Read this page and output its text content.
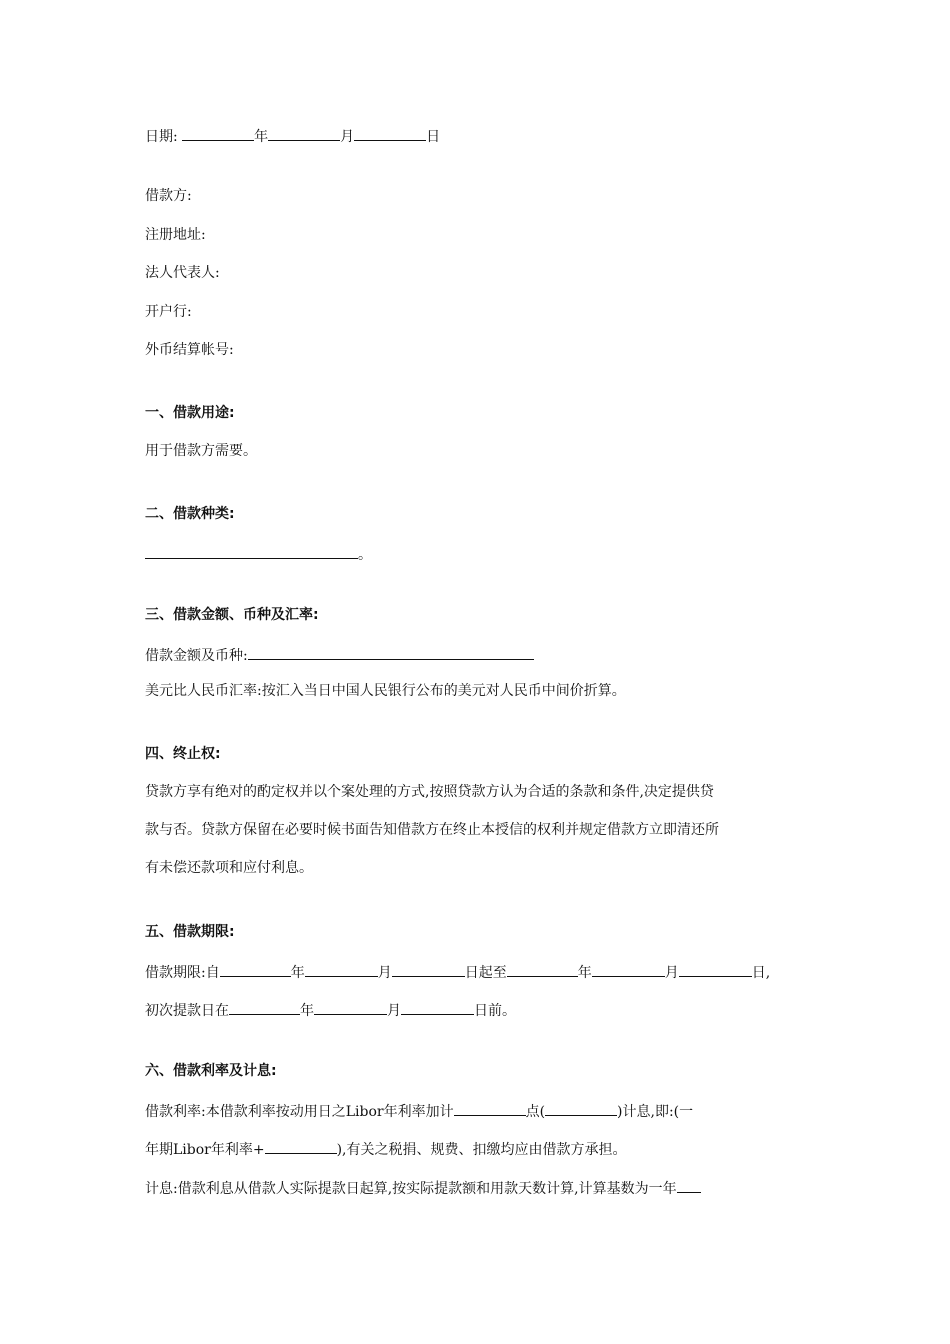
日期:	年	月	日
借款方:
注册地址:
法人代表人:
开户行:
外币结算帐号:
一、借款用途:
用于借款方需要。
二、借款种类:
。
三、借款金额、币种及汇率:
借款金额及币种:
美元比人民币汇率:按汇入当日中国人民银行公布的美元对人民币中间价折算。
四、终止权:
贷款方享有绝对的酌定权并以个案处理的方式,按照贷款方认为合适的条款和条件,决定提供贷
款与否。贷款方保留在必要时候书面告知借款方在终止本授信的权利并规定借款方立即清还所
有未偿还款项和应付利息。
五、借款期限:
借款期限:自	年	月	日起至	年	月	日,
初次提款日在	年	月	日前。
六、借款利率及计息:
借款利率:本借款利率按动用日之Libor年利率加计	点(	)计息,即:(一
年期Libor年利率+	),有关之税捐、规费、扣缴均应由借款方承担。
计息:借款利息从借款人实际提款日起算,按实际提款额和用款天数计算,计算基数为一年
